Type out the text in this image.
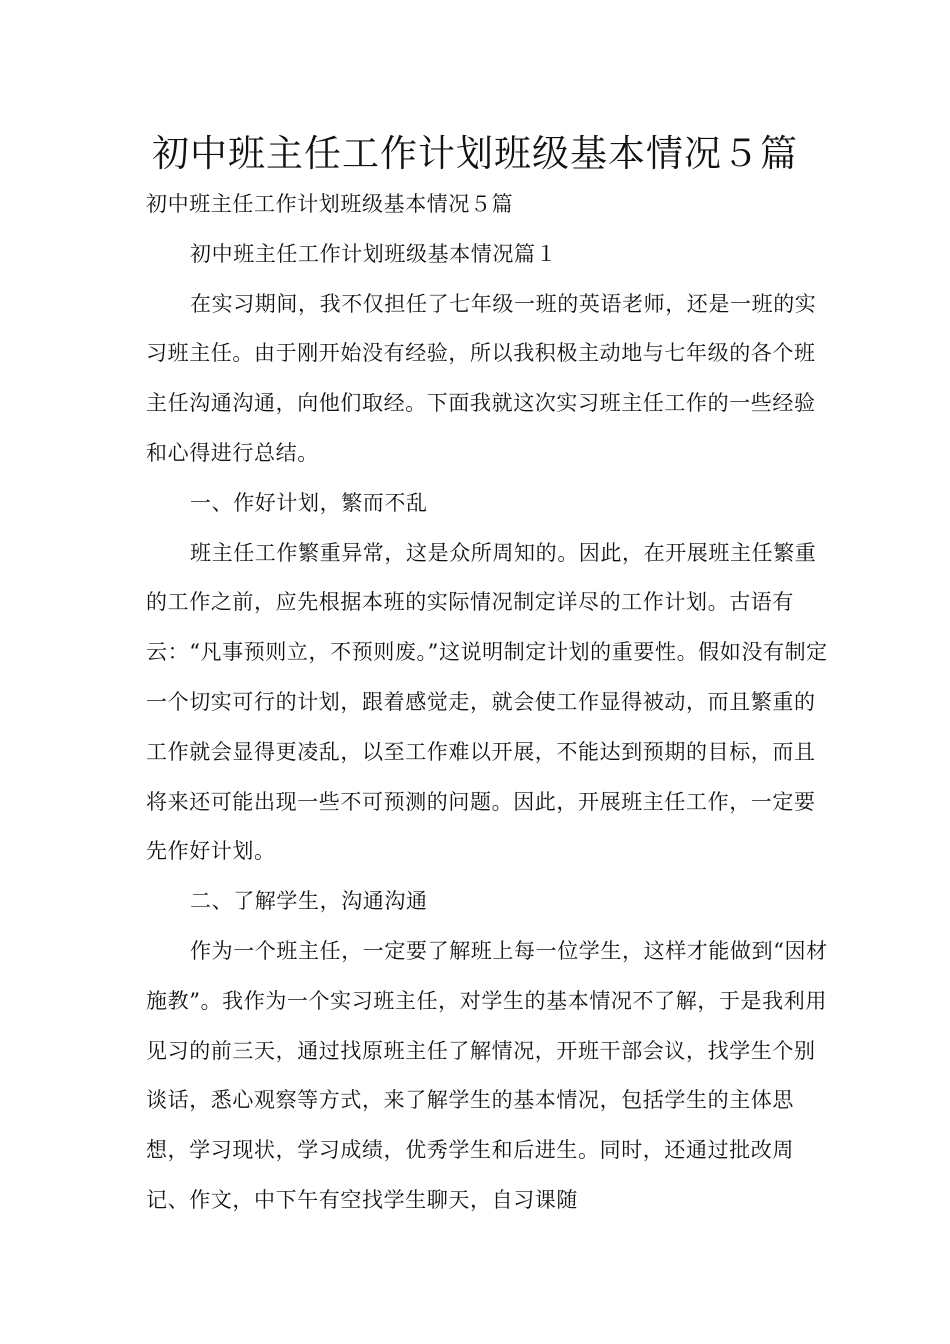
初中班主任工作计划班级基本情况５篇

初中班主任工作计划班级基本情况５篇

初中班主任工作计划班级基本情况篇１

在实习期间，我不仅担任了七年级一班的英语老师，还是一班的实习班主任。由于刚开始没有经验，所以我积极主动地与七年级的各个班主任沟通沟通，向他们取经。下面我就这次实习班主任工作的一些经验和心得进行总结。

一、作好计划，繁而不乱

班主任工作繁重异常，这是众所周知的。因此，在开展班主任繁重的工作之前，应先根据本班的实际情况制定详尽的工作计划。古语有云：“凡事预则立，不预则废。”这说明制定计划的重要性。假如没有制定一个切实可行的计划，跟着感觉走，就会使工作显得被动，而且繁重的工作就会显得更凌乱，以至工作难以开展，不能达到预期的目标，而且将来还可能出现一些不可预测的问题。因此，开展班主任工作，一定要先作好计划。

二、了解学生，沟通沟通

作为一个班主任，一定要了解班上每一位学生，这样才能做到“因材施教”。我作为一个实习班主任，对学生的基本情况不了解，于是我利用见习的前三天，通过找原班主任了解情况，开班干部会议，找学生个别谈话，悉心观察等方式，来了解学生的基本情况，包括学生的主体思想，学习现状，学习成绩，优秀学生和后进生。同时，还通过批改周记、作文，中下午有空找学生聊天，自习课随
